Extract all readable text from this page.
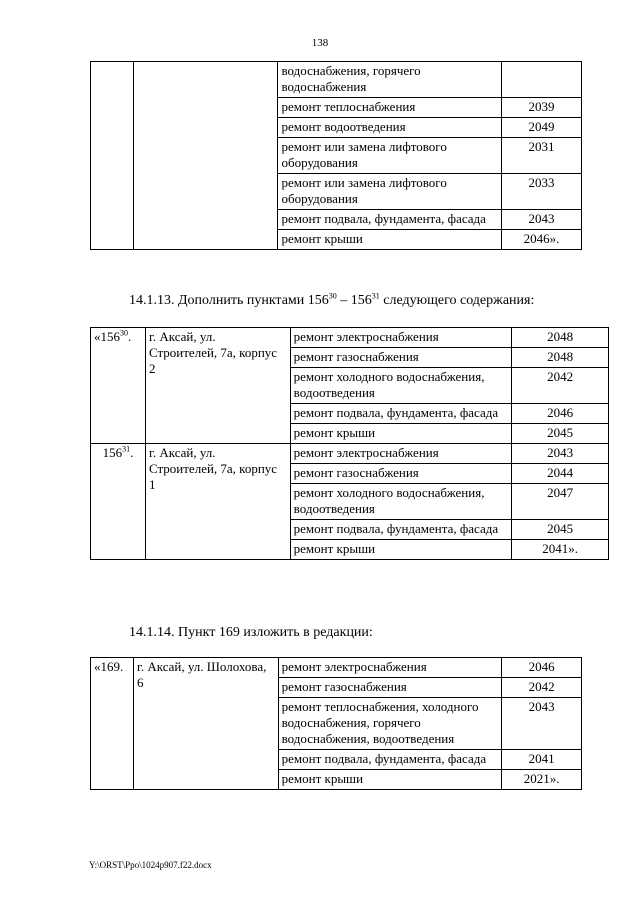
138
		водоснабжения, горячего водоснабжения	
		ремонт теплоснабжения	2039
		ремонт водоотведения	2049
		ремонт или замена лифтового оборудования	2031
		ремонт или замена лифтового оборудования	2033
		ремонт подвала, фундамента, фасада	2043
		ремонт крыши	2046».
14.1.13. Дополнить пунктами $156^{30} - 156^{31}$ следующего содержания:
«$156^{30}$.	г. Аксай, ул. Строителей, 7а, корпус 2	ремонт электроснабжения	2048
		ремонт газоснабжения	2048
		ремонт холодного водоснабжения, водоотведения	2042
		ремонт подвала, фундамента, фасада	2046
		ремонт крыши	2045
$156^{31}$.	г. Аксай, ул. Строителей, 7а, корпус 1	ремонт электроснабжения	2043
		ремонт газоснабжения	2044
		ремонт холодного водоснабжения, водоотведения	2047
		ремонт подвала, фундамента, фасада	2045
		ремонт крыши	2041».
14.1.14. Пункт 169 изложить в редакции:
«169.	г. Аксай, ул. Шолохова, 6	ремонт электроснабжения	2046
		ремонт газоснабжения	2042
		ремонт теплоснабжения, холодного водоснабжения, горячего водоснабжения, водоотведения	2043
		ремонт подвала, фундамента, фасада	2041
		ремонт крыши	2021».
Y:\ORST\Ppo\1024p907.f22.docx
